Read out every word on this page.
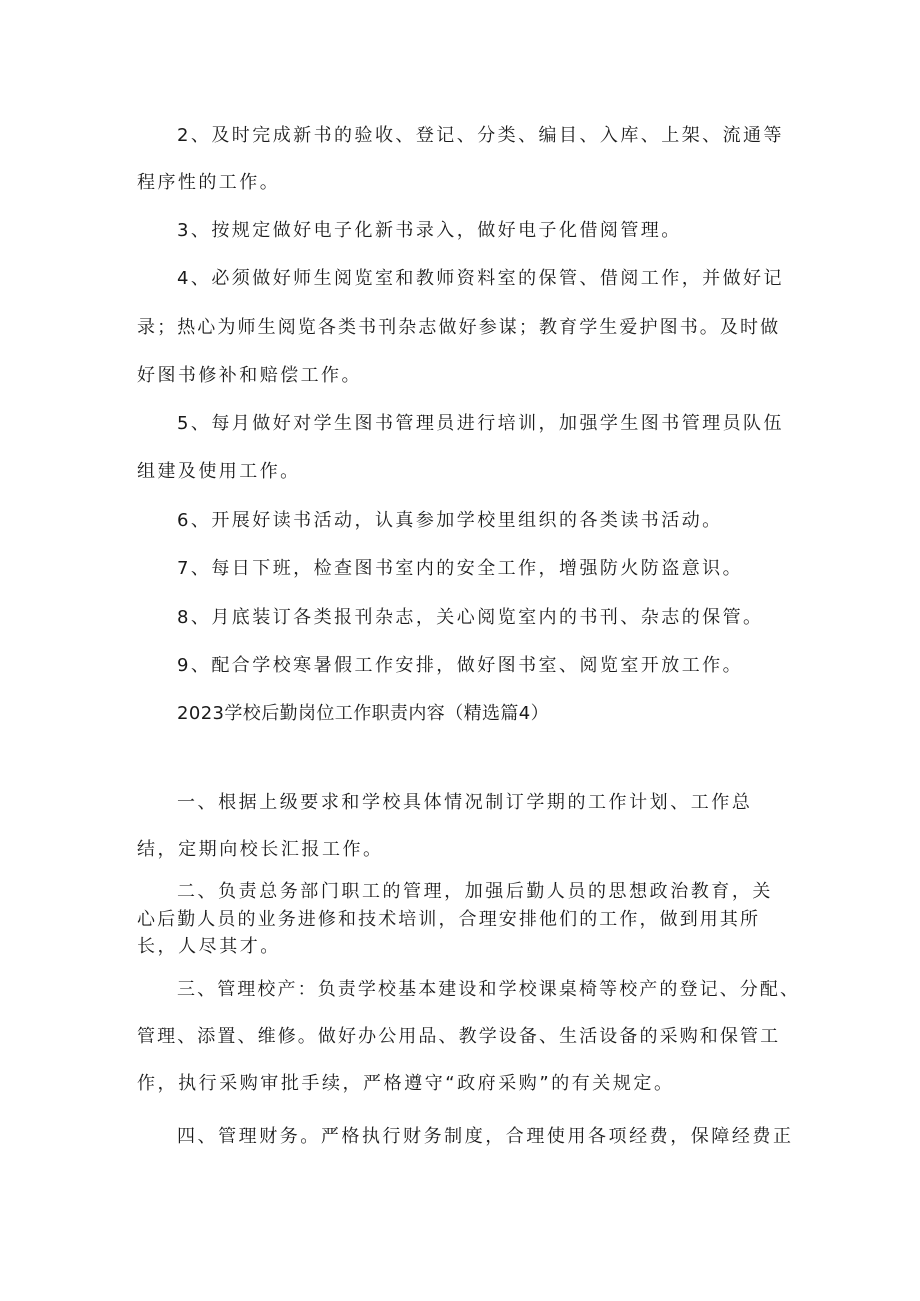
2、及时完成新书的验收、登记、分类、编目、入库、上架、流通等
程序性的工作。
3、按规定做好电子化新书录入，做好电子化借阅管理。
4、必须做好师生阅览室和教师资料室的保管、借阅工作，并做好记
录；热心为师生阅览各类书刊杂志做好参谋；教育学生爱护图书。及时做
好图书修补和赔偿工作。
5、每月做好对学生图书管理员进行培训，加强学生图书管理员队伍
组建及使用工作。
6、开展好读书活动，认真参加学校里组织的各类读书活动。
7、每日下班，检查图书室内的安全工作，增强防火防盗意识。
8、月底装订各类报刊杂志，关心阅览室内的书刊、杂志的保管。
9、配合学校寒暑假工作安排，做好图书室、阅览室开放工作。
2023学校后勤岗位工作职责内容（精选篇4）
一、根据上级要求和学校具体情况制订学期的工作计划、工作总
结，定期向校长汇报工作。
二、负责总务部门职工的管理，加强后勤人员的思想政治教育，关
心后勤人员的业务进修和技术培训，合理安排他们的工作，做到用其所
长，人尽其才。
三、管理校产：负责学校基本建设和学校课桌椅等校产的登记、分配、
管理、添置、维修。做好办公用品、教学设备、生活设备的采购和保管工
作，执行采购审批手续，严格遵守“政府采购”的有关规定。
四、管理财务。严格执行财务制度，合理使用各项经费，保障经费正
